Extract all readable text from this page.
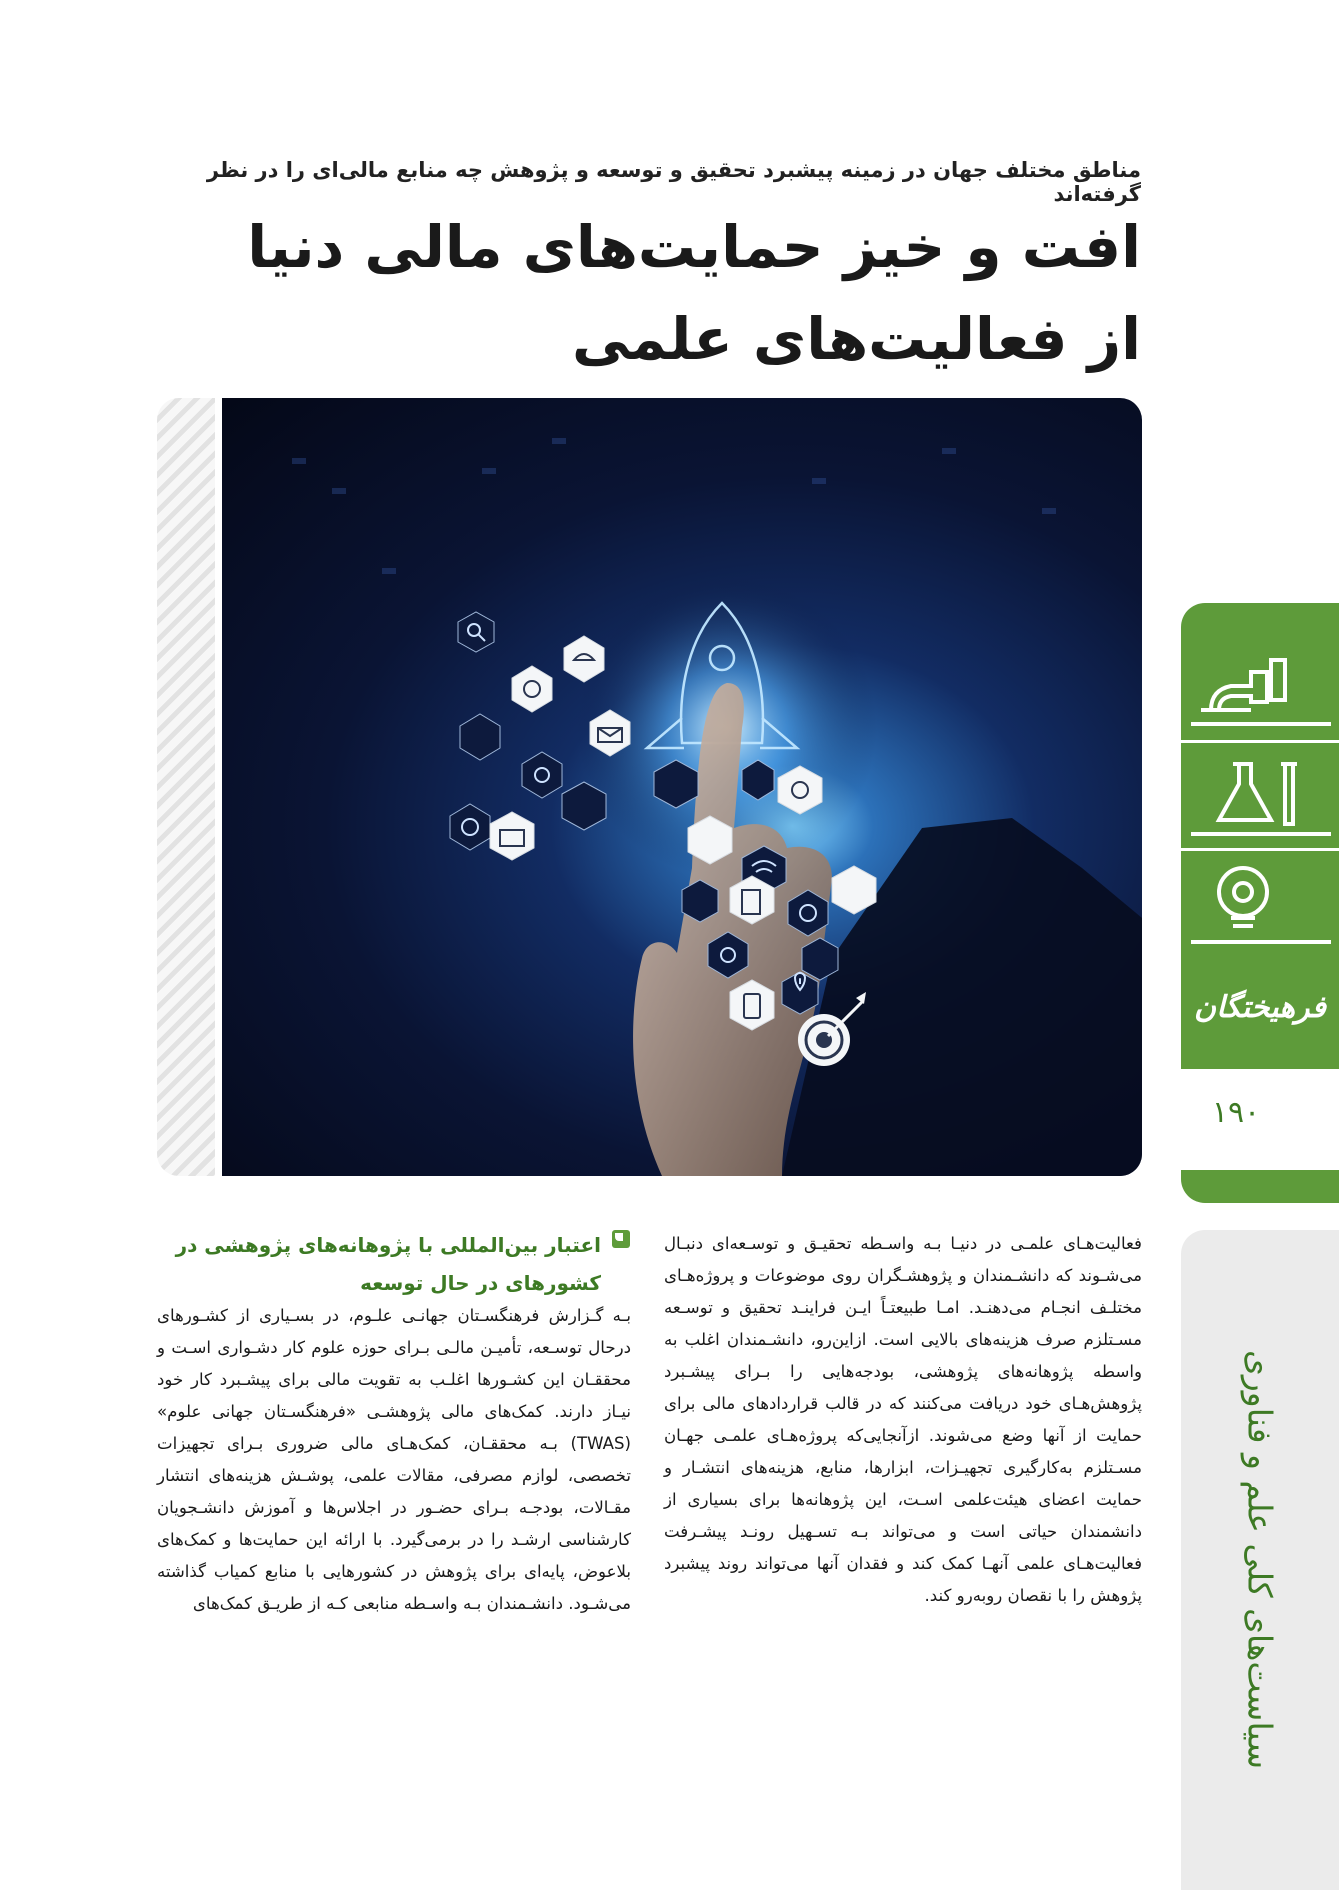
مناطق مختلف جهان در زمینه پیشبرد تحقیق و توسعه و پژوهش چه منابع مالی‌ای را در نظر گرفته‌اند
افت و خیز حمایت‌های مالی دنیا
از فعالیت‌های علمی
فرهیختگان
۱۹۰
سیاست‌های کلی علم و فناوری
فعالیت‌هـای علمـی در دنیـا بـه واسـطه تحقیـق و توسـعه‌ای دنبـال می‌شـوند که دانشـمندان و پژوهشـگران روی موضوعات و پروژه‌هـای مختلـف انجـام می‌دهنـد. امـا طبیعتـاً ایـن فراینـد تحقیق و توسـعه مسـتلزم صرف هزینه‌های بالایی است. ازاین‌رو، دانشـمندان اغلب به واسطه پژوهانه‌های پژوهشی، بودجه‌هایی را بـرای پیشـبرد پژوهش‌هـای خود دریافت می‌کنند که در قالب قراردادهای مالی برای حمایت از آنها وضع می‌شوند. ازآنجایی‌که پروژه‌هـای علمـی جهـان مسـتلزم به‌کارگیری تجهیـزات، ابزارها، منابع، هزینه‌های انتشـار و حمایت اعضای هیئت‌علمی اسـت، این پژوهانه‌ها برای بسیاری از دانشمندان حیاتی است و می‌تواند بـه تسـهیل رونـد پیشـرفت فعالیت‌هـای علمی آنهـا کمک کند و فقدان آنها می‌تواند روند پیشبرد پژوهش را با نقصان روبه‌رو کند.
اعتبار بین‌المللی با پژوهانه‌های پژوهشی در کشورهای در حال توسعه
بـه گـزارش فرهنگسـتان جهانـی علـوم، در بسـیاری از کشـورهای درحال توسـعه، تأمیـن مالـی بـرای حوزه علوم کار دشـواری اسـت و محققـان این کشـورها اغلـب به تقویت مالی برای پیشـبرد کار خود نیـاز دارند. کمک‌های مالی پژوهشـی «فرهنگسـتان جهانی علوم» (TWAS) بـه محققـان، کمک‌هـای مالی ضروری بـرای تجهیزات تخصصی، لوازم مصرفی، مقالات علمی، پوشـش هزینه‌های انتشار مقـالات، بودجـه بـرای حضـور در اجلاس‌ها و آموزش دانشـجویان کارشناسی ارشـد را در برمی‌گیرد. با ارائه این حمایت‌ها و کمک‌های بلاعوض، پایه‌ای برای پژوهش در کشورهایی با منابع کمیاب گذاشته می‌شـود. دانشـمندان بـه واسـطه منابعی کـه از طریـق کمک‌های
